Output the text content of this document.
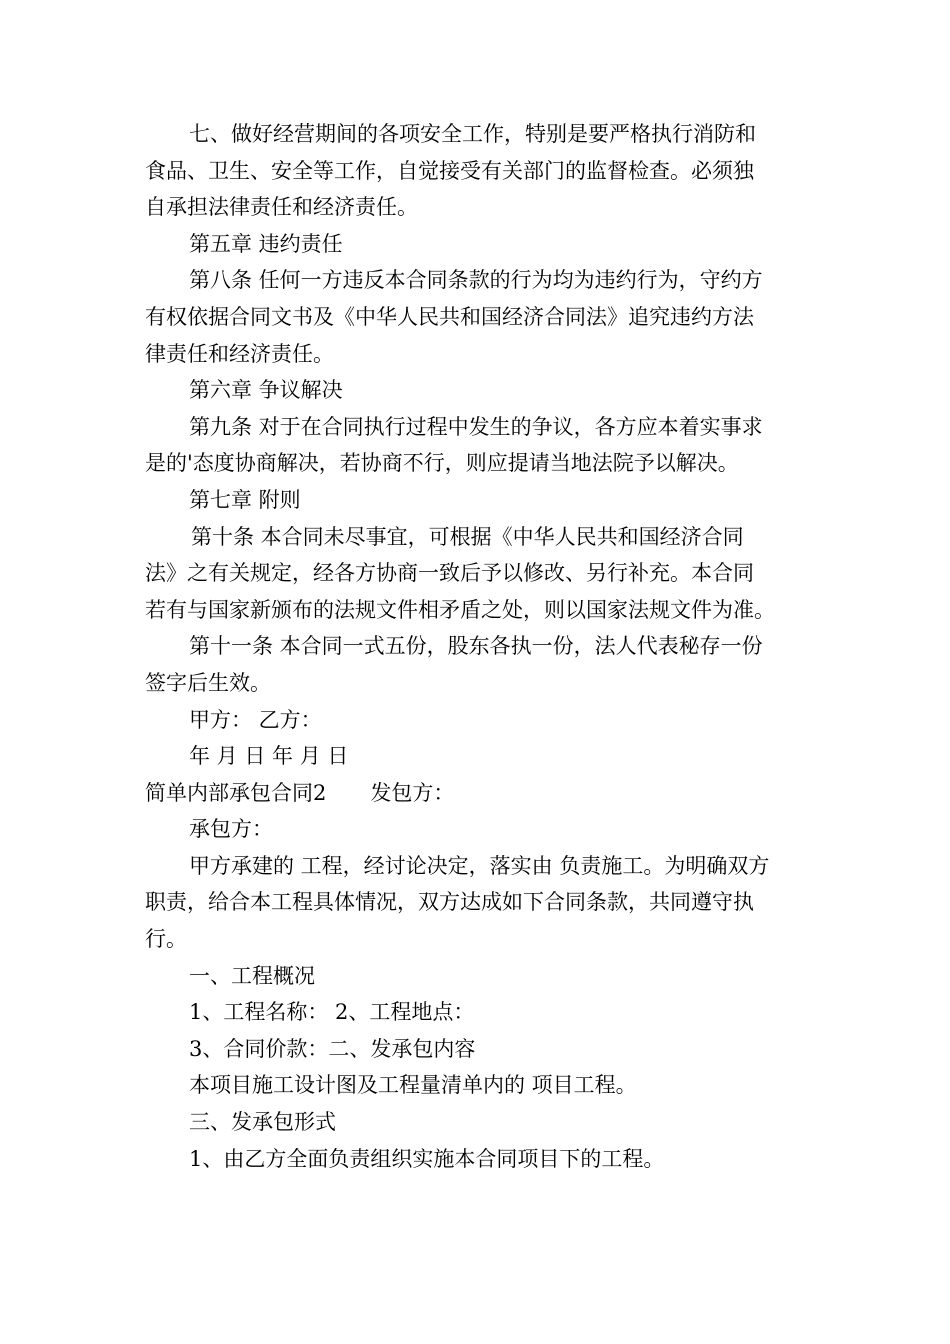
七、做好经营期间的各项安全工作，特别是要严格执行消防和
食品、卫生、安全等工作，自觉接受有关部门的监督检查。必须独
自承担法律责任和经济责任。
第五章 违约责任
第八条 任何一方违反本合同条款的行为均为违约行为，守约方
有权依据合同文书及《中华人民共和国经济合同法》追究违约方法
律责任和经济责任。
第六章 争议解决
第九条 对于在合同执行过程中发生的争议，各方应本着实事求
是的'态度协商解决，若协商不行，则应提请当地法院予以解决。
第七章 附则
第十条 本合同未尽事宜，可根据《中华人民共和国经济合同
法》之有关规定，经各方协商一致后予以修改、另行补充。本合同
若有与国家新颁布的法规文件相矛盾之处，则以国家法规文件为准。
第十一条 本合同一式五份，股东各执一份，法人代表秘存一份
签字后生效。
甲方： 乙方：
年 月 日 年 月 日
简单内部承包合同2 发包方：
承包方：
甲方承建的 工程，经讨论决定，落实由 负责施工。为明确双方
职责，给合本工程具体情况，双方达成如下合同条款，共同遵守执
行。
一、工程概况
1、工程名称： 2、工程地点：
3、合同价款：二、发承包内容
本项目施工设计图及工程量清单内的 项目工程。
三、发承包形式
1、由乙方全面负责组织实施本合同项目下的工程。
